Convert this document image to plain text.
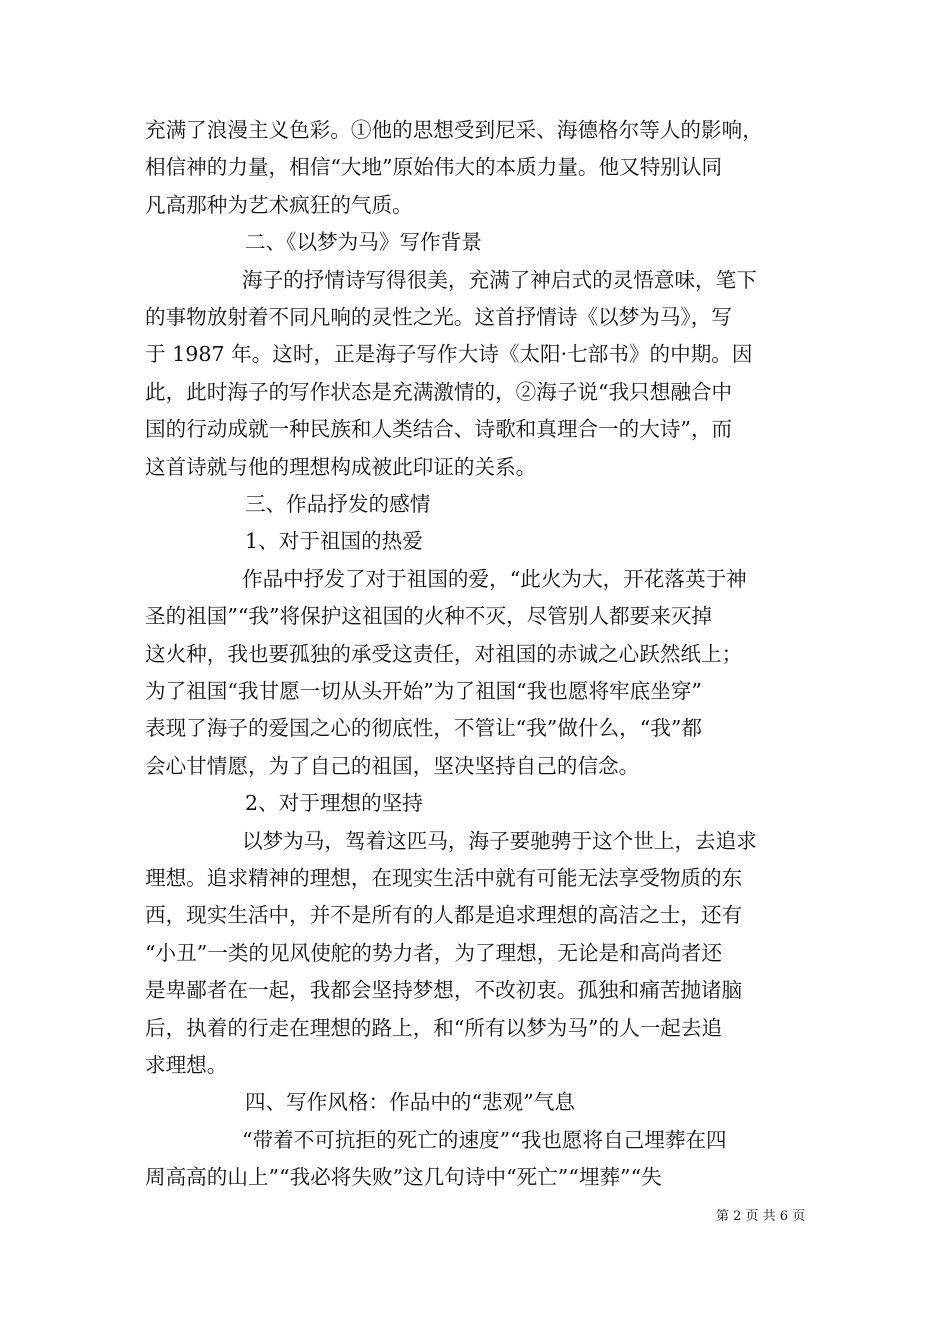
充满了浪漫主义色彩。①他的思想受到尼采、海德格尔等人的影响，
相信神的力量，相信“大地”原始伟大的本质力量。他又特别认同
凡高那种为艺术疯狂的气质。
二、《以梦为马》写作背景
海子的抒情诗写得很美，充满了神启式的灵悟意味，笔下
的事物放射着不同凡响的灵性之光。这首抒情诗《以梦为马》，写
于 1987 年。这时，正是海子写作大诗《太阳·七部书》的中期。因
此，此时海子的写作状态是充满激情的，②海子说“我只想融合中
国的行动成就一种民族和人类结合、诗歌和真理合一的大诗”，而
这首诗就与他的理想构成被此印证的关系。
三、作品抒发的感情
1、对于祖国的热爱
作品中抒发了对于祖国的爱，“此火为大，开花落英于神
圣的祖国”“我”将保护这祖国的火种不灭，尽管别人都要来灭掉
这火种，我也要孤独的承受这责任，对祖国的赤诚之心跃然纸上；
为了祖国“我甘愿一切从头开始”为了祖国“我也愿将牢底坐穿”
表现了海子的爱国之心的彻底性，不管让“我”做什么，“我”都
会心甘情愿，为了自己的祖国，坚决坚持自己的信念。
2、对于理想的坚持
以梦为马，驾着这匹马，海子要驰骋于这个世上，去追求
理想。追求精神的理想，在现实生活中就有可能无法享受物质的东
西，现实生活中，并不是所有的人都是追求理想的高洁之士，还有
“小丑”一类的见风使舵的势力者，为了理想，无论是和高尚者还
是卑鄙者在一起，我都会坚持梦想，不改初衷。孤独和痛苦抛诸脑
后，执着的行走在理想的路上，和“所有以梦为马”的人一起去追
求理想。
四、写作风格：作品中的“悲观”气息
“带着不可抗拒的死亡的速度”“我也愿将自己埋葬在四
周高高的山上”“我必将失败”这几句诗中“死亡”“埋葬”“失
第 2 页 共 6 页
